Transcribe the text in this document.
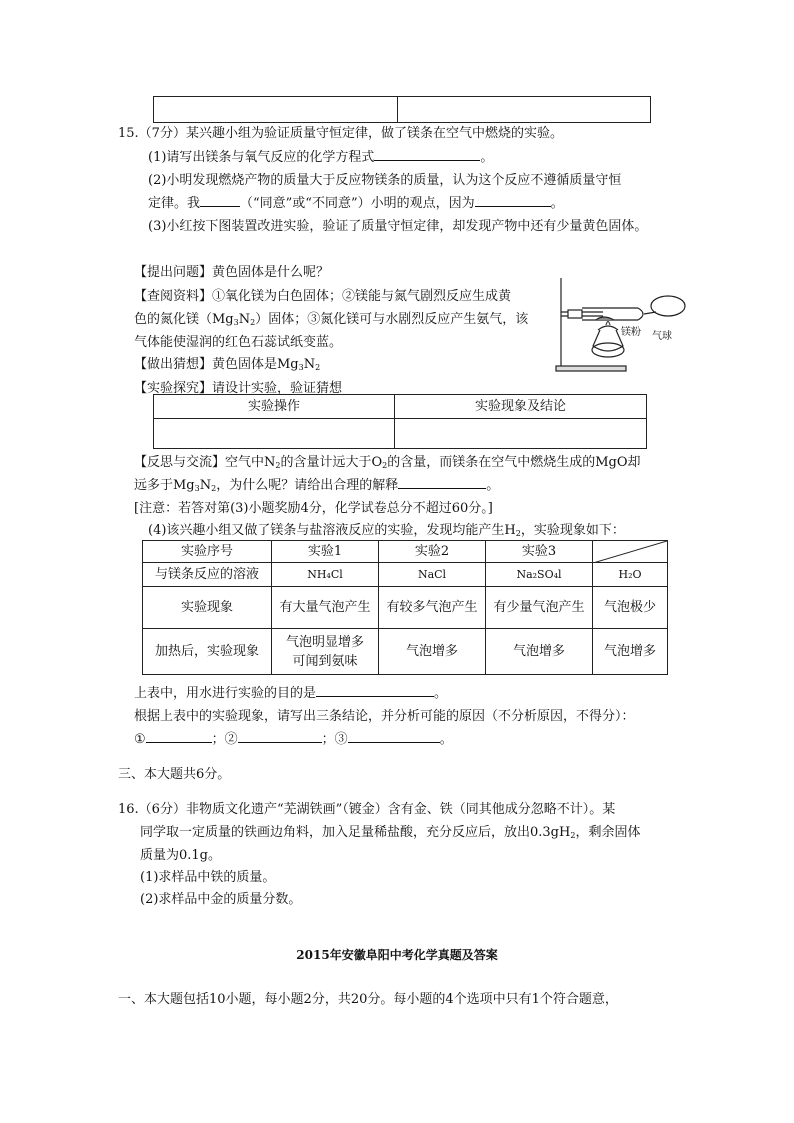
15.（7分）某兴趣小组为验证质量守恒定律，做了镁条在空气中燃烧的实验。
(1)请写出镁条与氧气反应的化学方程式	。
(2)小明发现燃烧产物的质量大于反应物镁条的质量，认为这个反应不遵循质量守恒
定律。我	（“同意”或“不同意”）小明的观点，因为	。
(3)小红按下图装置改进实验，验证了质量守恒定律，却发现产物中还有少量黄色固体。
【提出问题】黄色固体是什么呢？
【查阅资料】①氧化镁为白色固体；②镁能与氮气剧烈反应生成黄
色的氮化镁$(Mg_3N_2)$固体；③氮化镁可与水剧烈反应产生氨气，该
气体能使湿润的红色石蕊试纸变蓝。
【做出猜想】黄色固体是$Mg_3N_2$
【实验探究】请设计实验，验证猜想
镁粉 气球
实验操作	实验现象及结论

【反思与交流】空气中$N_2$的含量计远大于$O_2$的含量，而镁条在空气中燃烧生成的MgO却
远多于$Mg_3N_2$，为什么呢？请给出合理的解释	。
[注意：若答对第(3)小题奖励4分，化学试卷总分不超过60分。]
(4)该兴趣小组又做了镁条与盐溶液反应的实验，发现均能产生$H_2$，实验现象如下：
实验序号	实验1	实验2	实验3	

与镁条反应的溶液	NH₄Cl	NaCl	Na₂SO₄l	H₂O
实验现象	有大量气泡产生	有较多气泡产生	有少量气泡产生	气泡极少
加热后，实验现象	气泡明显增多可闻到氨味	气泡增多	气泡增多	气泡增多
上表中，用水进行实验的目的是	。
根据上表中的实验现象，请写出三条结论，并分析可能的原因（不分析原因，不得分）：
①	；②	；③	。
三、本大题共6分。
16.（6分）非物质文化遗产“芜湖铁画”（镀金）含有金、铁（同其他成分忽略不计）。某
同学取一定质量的铁画边角料，加入足量稀盐酸，充分反应后，放出$0.3gH_2$，剩余固体
质量为0.1g。
(1)求样品中铁的质量。
(2)求样品中金的质量分数。
2015年安徽阜阳中考化学真题及答案
一、本大题包括10小题，每小题2分，共20分。每小题的4个选项中只有1个符合题意，
